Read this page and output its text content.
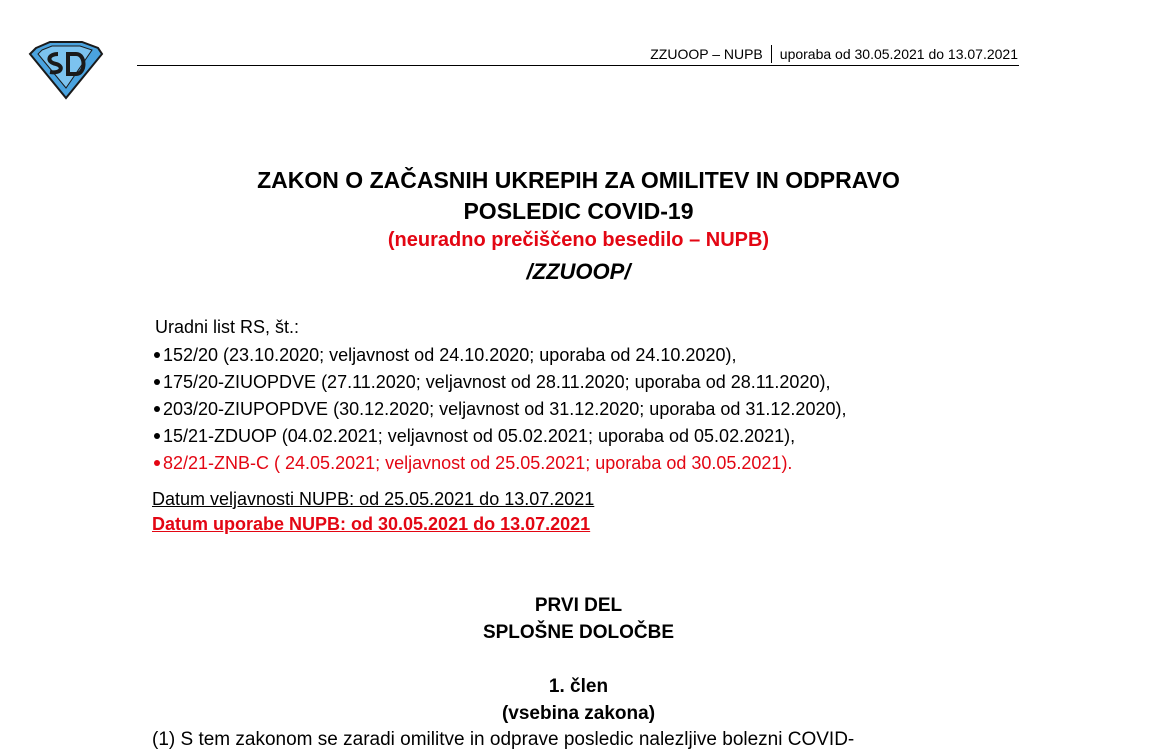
ZZUOOP – NUPB uporaba od 30.05.2021 do 13.07.2021
ZAKON O ZAČASNIH UKREPIH ZA OMILITEV IN ODPRAVO
POSLEDIC COVID-19
(neuradno prečiščeno besedilo – NUPB)
/ZZUOOP/
Uradni list RS, št.:
152/20 (23.10.2020; veljavnost od 24.10.2020; uporaba od 24.10.2020),
175/20-ZIUOPDVE (27.11.2020; veljavnost od 28.11.2020; uporaba od 28.11.2020),
203/20-ZIUPOPDVE (30.12.2020; veljavnost od 31.12.2020; uporaba od 31.12.2020),
15/21-ZDUOP (04.02.2021; veljavnost od 05.02.2021; uporaba od 05.02.2021),
82/21-ZNB-C ( 24.05.2021; veljavnost od 25.05.2021; uporaba od 30.05.2021).
Datum veljavnosti NUPB: od 25.05.2021 do 13.07.2021
Datum uporabe NUPB: od 30.05.2021 do 13.07.2021
PRVI DEL
SPLOŠNE DOLOČBE
1. člen
(vsebina zakona)
(1) S tem zakonom se zaradi omilitve in odprave posledic nalezljive bolezni COVID-
